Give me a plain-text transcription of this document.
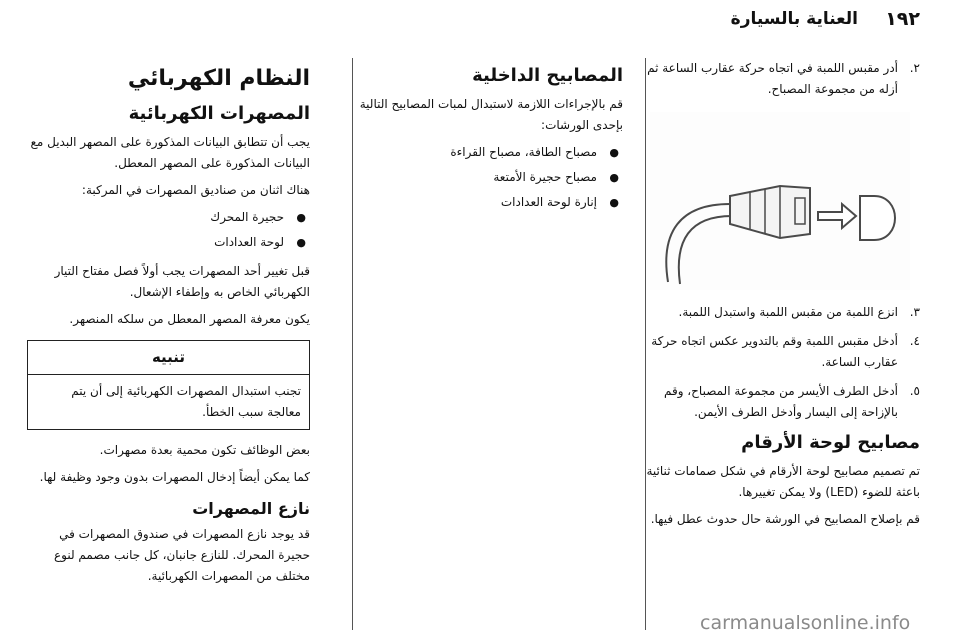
١٩٢
العناية بالسيارة
٢.
أدر مقبس اللمبة في اتجاه حركة عقارب الساعة ثم أزله من مجموعة المصباح.
٣.
انزع اللمبة من مقبس اللمبة واستبدل اللمبة.
٤.
أدخل مقبس اللمبة وقم بالتدوير عكس اتجاه حركة عقارب الساعة.
٥.
أدخل الطرف الأيسر من مجموعة المصباح، وقم بالإزاحة إلى اليسار وأدخل الطرف الأيمن.
مصابيح لوحة الأرقام

تم تصميم مصابيح لوحة الأرقام في شكل صمامات ثنائية باعثة للضوء (LED) ولا يمكن تغييرها.

قم بإصلاح المصابيح في الورشة حال حدوث عطل فيها.

المصابيح الداخلية

قم بالإجراءات اللازمة لاستبدال لمبات المصابيح التالية بإحدى الورشات:

● مصباح الطافة، مصباح القراءة
● مصباح حجيرة الأمتعة
● إنارة لوحة العدادات
النظام الكهربائي
المصهرات الكهربائية

يجب أن تتطابق البيانات المذكورة على المصهر البديل مع البيانات المذكورة على المصهر المعطل.

هناك اثنان من صناديق المصهرات في المركبة:

● حجيرة المحرك
● لوحة العدادات

قبل تغيير أحد المصهرات يجب أولاً فصل مفتاح التيار الكهربائي الخاص به وإطفاء الإشعال.

يكون معرفة المصهر المعطل من سلكه المنصهر.

تنبيه
تجنب استبدال المصهرات الكهربائية إلى أن يتم معالجة سبب الخطأ.

بعض الوظائف تكون محمية بعدة مصهرات.

كما يمكن أيضاً إدخال المصهرات بدون وجود وظيفة لها.

نازع المصهرات

قد يوجد نازع المصهرات في صندوق المصهرات في حجيرة المحرك. للنازع جانبان، كل جانب مصمم لنوع مختلف من المصهرات الكهربائية.

carmanualsonline.info
